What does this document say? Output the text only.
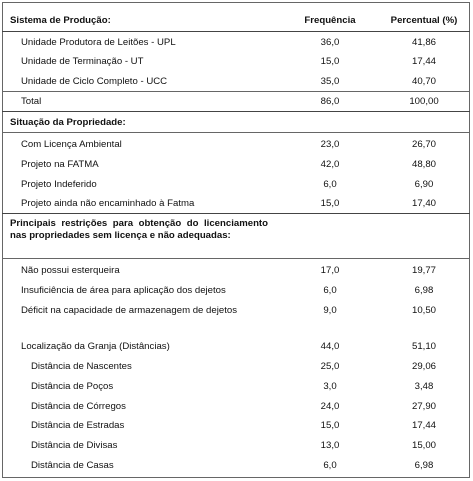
Sistema de Produção:	Frequência	Percentual (%)
Unidade Produtora de Leitões - UPL	36,0	41,86
Unidade de Terminação - UT	15,0	17,44
Unidade de Ciclo Completo - UCC	35,0	40,70
Total	86,0	100,00
Situação da Propriedade:
Com Licença Ambiental	23,0	26,70
Projeto na FATMA	42,0	48,80
Projeto Indeferido	6,0	6,90
Projeto ainda não encaminhado à Fatma	15,0	17,40
Principais restrições para obtenção do licenciamento nas propriedades sem licença e não adequadas:
Não possui esterqueira	17,0	19,77
Insuficiência de área para aplicação dos dejetos	6,0	6,98
Déficit na capacidade de armazenagem de dejetos	9,0	10,50
Localização da Granja (Distâncias)	44,0	51,10
Distância de Nascentes	25,0	29,06
Distância de Poços	3,0	3,48
Distância de Córregos	24,0	27,90
Distância de Estradas	15,0	17,44
Distância de Divisas	13,0	15,00
Distância de Casas	6,0	6,98
